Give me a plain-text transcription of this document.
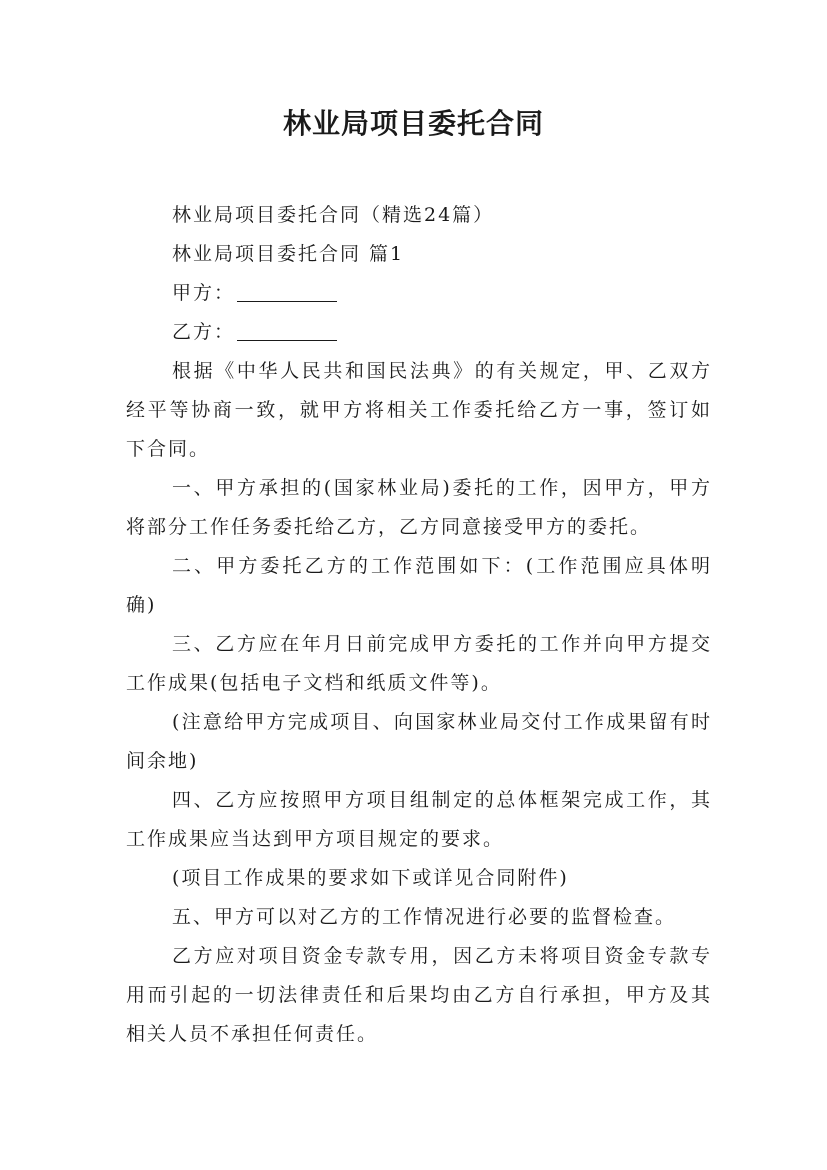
林业局项目委托合同

林业局项目委托合同（精选24篇）

林业局项目委托合同 篇1

甲方：

乙方：

根据《中华人民共和国民法典》的有关规定，甲、乙双方经平等协商一致，就甲方将相关工作委托给乙方一事，签订如下合同。

一、甲方承担的(国家林业局)委托的工作，因甲方，甲方将部分工作任务委托给乙方，乙方同意接受甲方的委托。

二、甲方委托乙方的工作范围如下：(工作范围应具体明确)

三、乙方应在年月日前完成甲方委托的工作并向甲方提交工作成果(包括电子文档和纸质文件等)。

(注意给甲方完成项目、向国家林业局交付工作成果留有时间余地)

四、乙方应按照甲方项目组制定的总体框架完成工作，其工作成果应当达到甲方项目规定的要求。

(项目工作成果的要求如下或详见合同附件)

五、甲方可以对乙方的工作情况进行必要的监督检查。

乙方应对项目资金专款专用，因乙方未将项目资金专款专用而引起的一切法律责任和后果均由乙方自行承担，甲方及其相关人员不承担任何责任。
